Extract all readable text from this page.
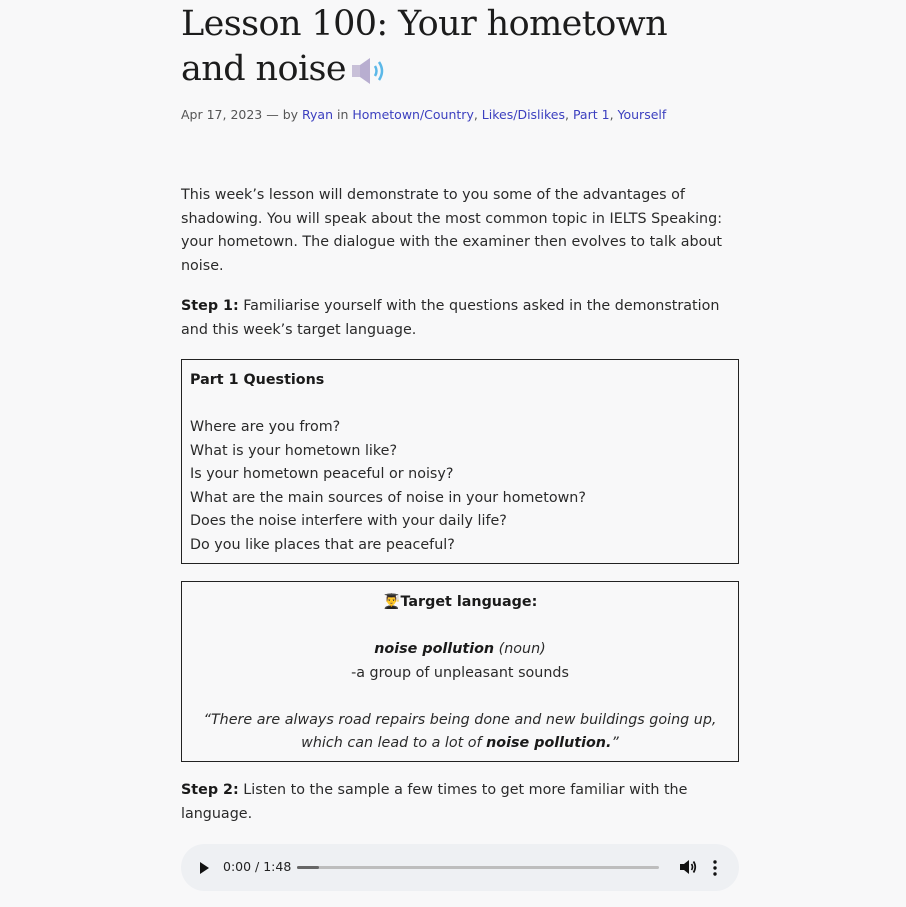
Lesson 100: Your hometown and noise
Apr 17, 2023 — by Ryan in Hometown/Country, Likes/Dislikes, Part 1, Yourself

This week’s lesson will demonstrate to you some of the advantages of shadowing. You will speak about the most common topic in IELTS Speaking: your hometown. The dialogue with the examiner then evolves to talk about noise.

Step 1: Familiarise yourself with the questions asked in the demonstration and this week’s target language.

Part 1 Questions
Where are you from?
What is your hometown like?
Is your hometown peaceful or noisy?
What are the main sources of noise in your hometown?
Does the noise interfere with your daily life?
Do you like places that are peaceful?
👨‍🎓Target language:
noise pollution (noun)
-a group of unpleasant sounds
“There are always road repairs being done and new buildings going up,
which can lead to a lot of noise pollution.”

Step 2: Listen to the sample a few times to get more familiar with the language.

0:00 / 1:48
